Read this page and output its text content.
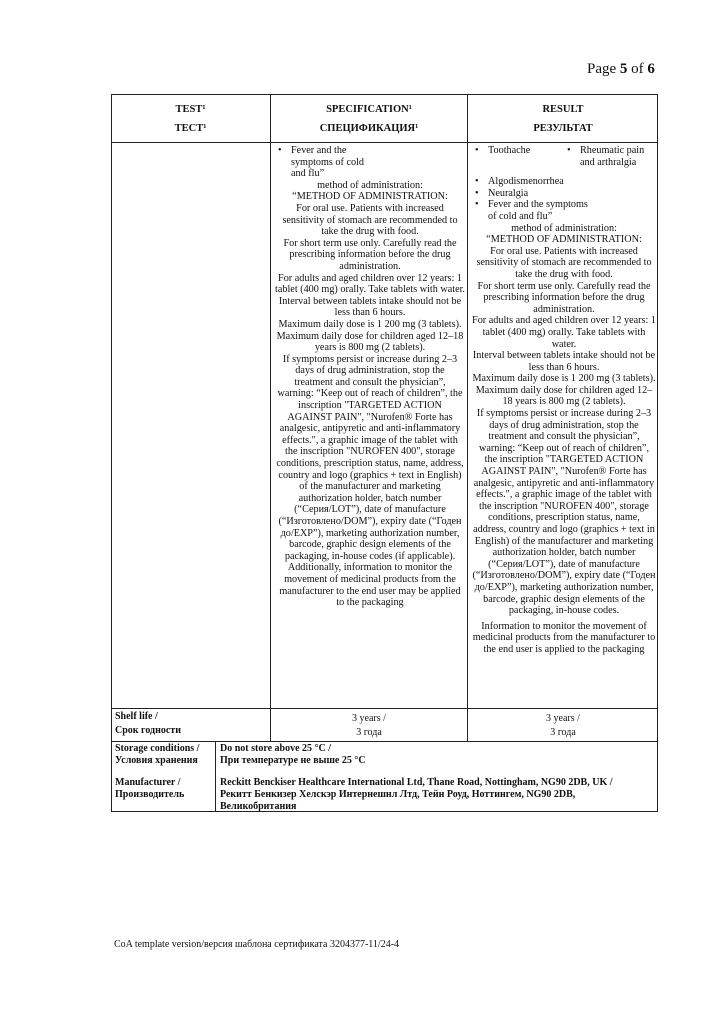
Page 5 of 6
TEST¹
ТЕСТ¹
SPECIFICATION¹
СПЕЦИФИКАЦИЯ¹
RESULT
РЕЗУЛЬТАТ
• Fever and the
symptoms of cold
and flu”

method of administration:

“METHOD OF ADMINISTRATION:

For oral use. Patients with increased sensitivity of stomach are recommended to take the drug with food.

For short term use only. Carefully read the prescribing information before the drug administration.

For adults and aged children over 12 years: 1 tablet (400 mg) orally. Take tablets with water.

Interval between tablets intake should not be less than 6 hours.

Maximum daily dose is 1 200 mg (3 tablets). Maximum daily dose for children aged 12–18 years is 800 mg (2 tablets).

If symptoms persist or increase during 2–3 days of drug administration, stop the treatment and consult the physician”, warning: “Keep out of reach of children”, the inscription "TARGETED ACTION AGAINST PAIN", "Nurofen® Forte has analgesic, antipyretic and anti-inflammatory effects.", a graphic image of the tablet with the inscription "NUROFEN 400", storage conditions, prescription status, name, address, country and logo (graphics + text in English) of the manufacturer and marketing authorization holder, batch number (“Серия/LOT”), date of manufacture (“Изготовлено/DOM”), expiry date (“Годен до/EXP”), marketing authorization number, barcode, graphic design elements of the packaging, in-house codes (if applicable).

Additionally, information to monitor the movement of medicinal products from the manufacturer to the end user may be applied to the packaging

• Toothache	• Rheumatic pain and arthralgia
• Algodismenorrhea
• Neuralgia
• Fever and the symptoms of cold and flu”

method of administration:

“METHOD OF ADMINISTRATION:

For oral use. Patients with increased sensitivity of stomach are recommended to take the drug with food.

For short term use only. Carefully read the prescribing information before the drug administration.

For adults and aged children over 12 years: 1 tablet (400 mg) orally. Take tablets with water.

Interval between tablets intake should not be less than 6 hours.

Maximum daily dose is 1 200 mg (3 tablets). Maximum daily dose for children aged 12–18 years is 800 mg (2 tablets).

If symptoms persist or increase during 2–3 days of drug administration, stop the treatment and consult the physician”, warning: “Keep out of reach of children”, the inscription "TARGETED ACTION AGAINST PAIN", "Nurofen® Forte has analgesic, antipyretic and anti-inflammatory effects.", a graphic image of the tablet with the inscription "NUROFEN 400", storage conditions, prescription status, name, address, country and logo (graphics + text in English) of the manufacturer and marketing authorization holder, batch number (“Серия/LOT”), date of manufacture (“Изготовлено/DOM”), expiry date (“Годен до/EXP”), marketing authorization number, barcode, graphic design elements of the packaging, in-house codes.

Information to monitor the movement of medicinal products from the manufacturer to the end user is applied to the packaging

Shelf life /
Срок годности
3 years /
3 года
3 years /
3 года
Storage conditions /
Условия хранения
Do not store above 25 °C /
При температуре не выше 25 °C
Manufacturer /
Производитель
Reckitt Benckiser Healthcare International Ltd, Thane Road, Nottingham, NG90 2DB, UK /
Рекитт Бенкизер Хелскэр Интернешнл Лтд, Тейн Роуд, Ноттингем, NG90 2DB, Великобритания
CoA template version/версия шаблона сертификата 3204377-11/24-4
